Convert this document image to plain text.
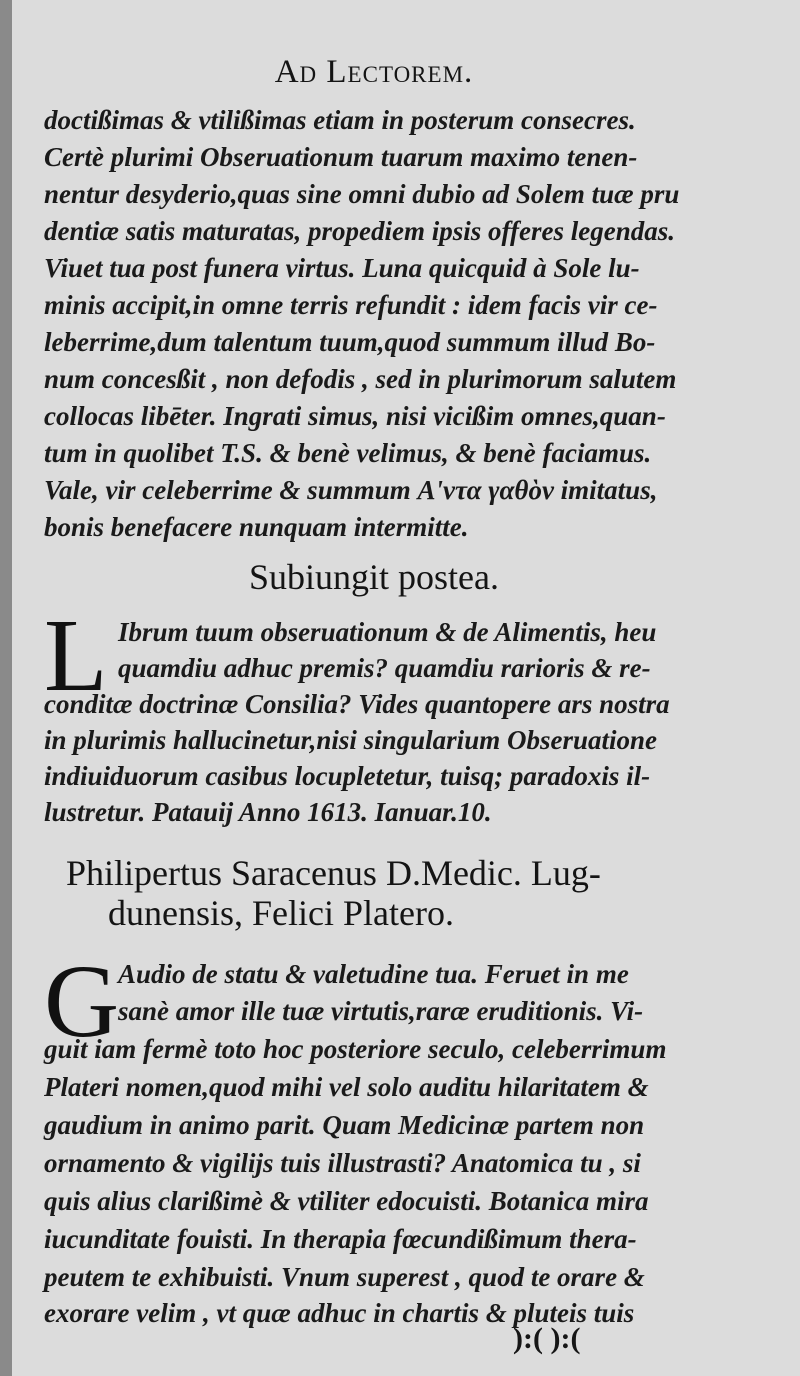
Ad Lectorem.
doctißimas & vtilißimas etiam in posterum consecres.
Certè plurimi Obseruationum tuarum maximo tenen-
nentur desyderio,quas sine omni dubio ad Solem tuæ pru
dentiæ satis maturatas, propediem ipsis offeres legendas.
Viuet tua post funera virtus. Luna quicquid à Sole lu-
minis accipit,in omne terris refundit : idem facis vir ce-
leberrime,dum talentum tuum,quod summum illud Bo-
num concesßit , non defodis , sed in plurimorum salutem
collocas libēter. Ingrati simus, nisi vicißim omnes,quan-
tum in quolibet T.S. & benè velimus, & benè faciamus.
Vale, vir celeberrime & summum Α'ντα γαθὸν imitatus,
bonis benefacere nunquam intermitte.
Subiungit postea.
L Ibrum tuum obseruationum & de Alimentis, heu
quamdiu adhuc premis? quamdiu rarioris & re-
conditæ doctrinæ Consilia? Vides quantopere ars nostra
in plurimis hallucinetur,nisi singularium Obseruatione
indiuiduorum casibus locupletetur, tuisq; paradoxis il-
lustretur. Patauij Anno 1613. Ianuar.10.
Philipertus Saracenus D.Medic. Lug-
dunensis, Felici Platero.
G
Audio de statu & valetudine tua. Feruet in me
sanè amor ille tuæ virtutis,raræ eruditionis. Vi-
guit iam fermè toto hoc posteriore seculo, celeberrimum
Plateri nomen,quod mihi vel solo auditu hilaritatem &
gaudium in animo parit. Quam Medicinæ partem non
ornamento & vigilijs tuis illustrasti? Anatomica tu , si
quis alius clarißimè & vtiliter edocuisti. Botanica mira
iucunditate fouisti. In therapia fœcundißimum thera-
peutem te exhibuisti. Vnum superest , quod te orare &
exorare velim , vt quæ adhuc in chartis & pluteis tuis
):( ):(
